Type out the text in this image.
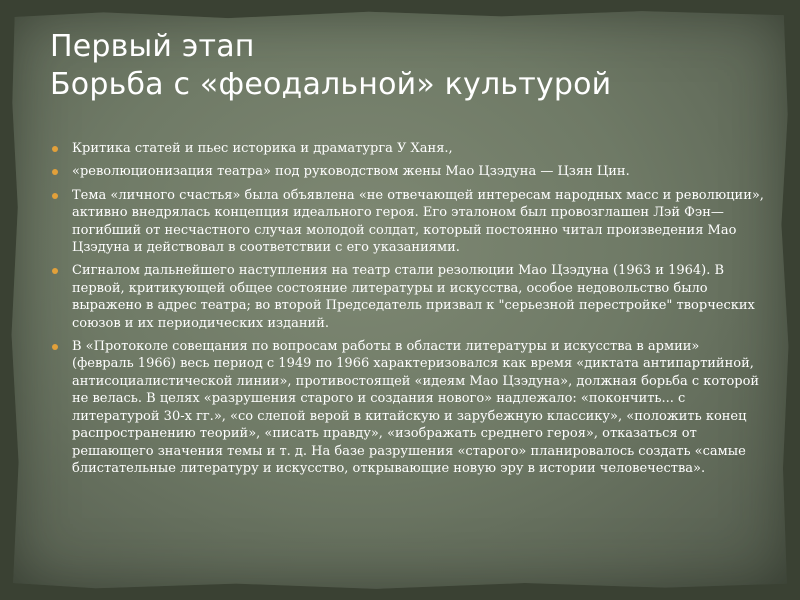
Первый этап
Борьба с «феодальной» культурой
Критика статей и пьес историка и драматурга У Ханя.,
«революционизация театра» под руководством жены Мао Цзэдуна — Цзян Цин.
Тема «личного счастья» была объявлена «не отвечающей интересам народных масс и революции», активно внедрялась концепция идеального героя. Его эталоном был провозглашен Лэй Фэн— погибший от несчастного случая молодой солдат, который постоянно читал произведения Мао Цзэдуна и действовал в соответствии с его указаниями.
Сигналом дальнейшего наступления на театр стали резолюции Мао Цзэдуна (1963 и 1964). В первой, критикующей общее состояние литературы и искусства, особое недовольство было выражено в адрес театра; во второй Председатель призвал к "серьезной перестройке" творческих союзов и их периодических изданий.
В «Протоколе совещания по вопросам работы в области литературы и искусства в армии» (февраль 1966) весь период с 1949 по 1966 характеризовался как время «диктата антипартийной, антисоциалистической линии», противостоящей «идеям Мао Цзэдуна», должная борьба с которой не велась. В целях «разрушения старого и создания нового» надлежало: «покончить... с литературой 30-х гг.», «со слепой верой в китайскую и зарубежную классику», «положить конец распространению теорий», «писать правду», «изображать среднего героя», отказаться от решающего значения темы и т. д. На базе разрушения «старого» планировалось создать «самые блистательные литературу и искусство, открывающие новую эру в истории человечества».
